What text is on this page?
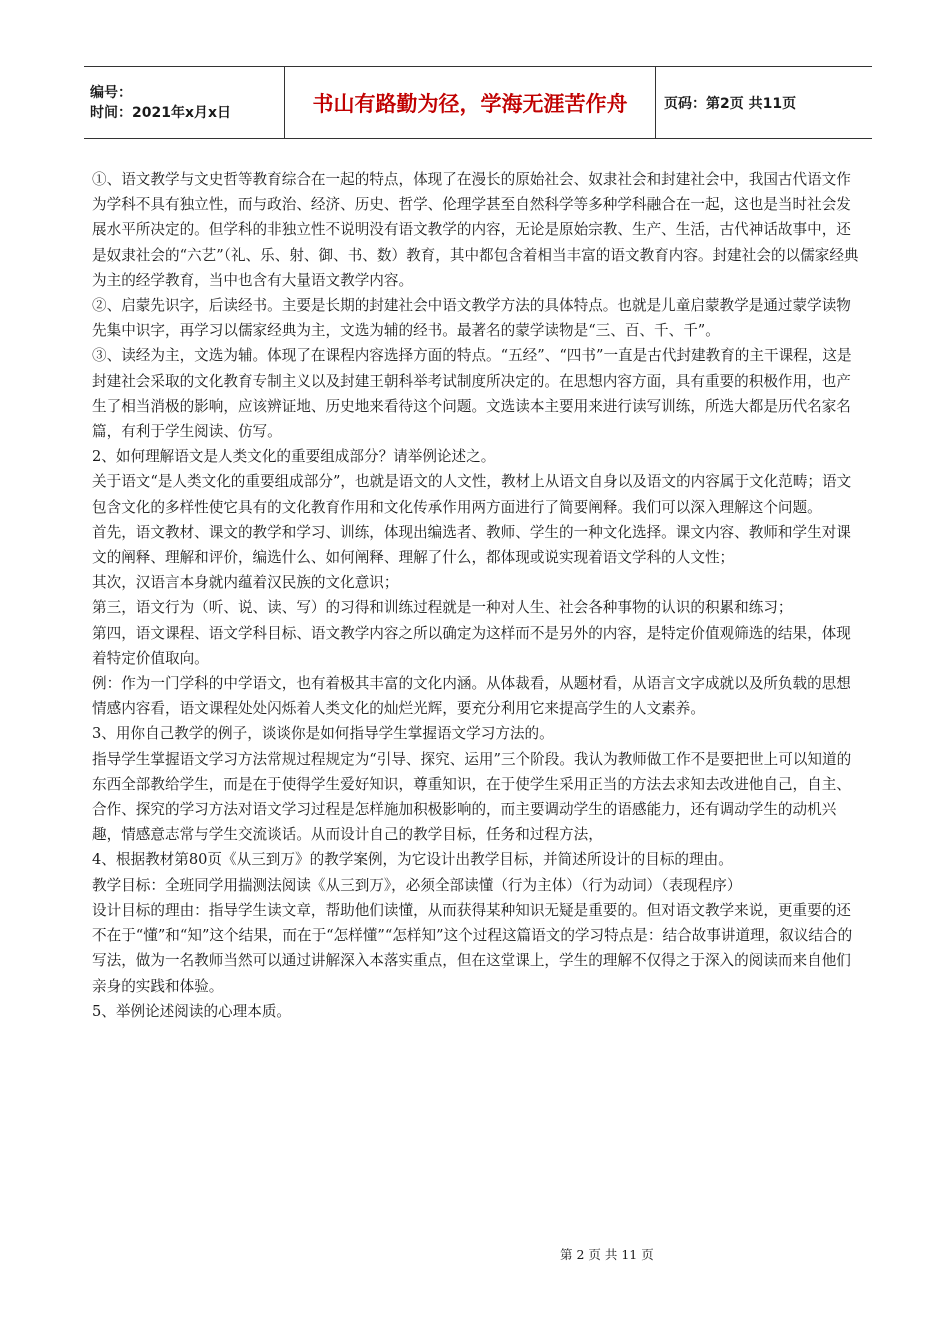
编号：
时间：2021年x月x日	书山有路勤为径，学海无涯苦作舟	页码：第2页 共11页

①、语文教学与文史哲等教育综合在一起的特点，体现了在漫长的原始社会、奴隶社会和封建社会中，我国古代语文作为学科不具有独立性，而与政治、经济、历史、哲学、伦理学甚至自然科学等多种学科融合在一起，这也是当时社会发展水平所决定的。但学科的非独立性不说明没有语文教学的内容，无论是原始宗教、生产、生活，古代神话故事中，还是奴隶社会的“六艺”（礼、乐、射、御、书、数）教育，其中都包含着相当丰富的语文教育内容。封建社会的以儒家经典为主的经学教育，当中也含有大量语文教学内容。

②、启蒙先识字，后读经书。主要是长期的封建社会中语文教学方法的具体特点。也就是儿童启蒙教学是通过蒙学读物先集中识字，再学习以儒家经典为主，文选为辅的经书。最著名的蒙学读物是“三、百、千、千”。

③、读经为主，文选为辅。体现了在课程内容选择方面的特点。“五经”、“四书”一直是古代封建教育的主干课程，这是封建社会采取的文化教育专制主义以及封建王朝科举考试制度所决定的。在思想内容方面，具有重要的积极作用，也产生了相当消极的影响，应该辨证地、历史地来看待这个问题。文选读本主要用来进行读写训练，所选大都是历代名家名篇，有利于学生阅读、仿写。

2、如何理解语文是人类文化的重要组成部分？请举例论述之。

关于语文“是人类文化的重要组成部分”，也就是语文的人文性，教材上从语文自身以及语文的内容属于文化范畴；语文包含文化的多样性使它具有的文化教育作用和文化传承作用两方面进行了简要阐释。我们可以深入理解这个问题。

首先，语文教材、课文的教学和学习、训练，体现出编选者、教师、学生的一种文化选择。课文内容、教师和学生对课文的阐释、理解和评价，编选什么、如何阐释、理解了什么，都体现或说实现着语文学科的人文性；

其次，汉语言本身就内蕴着汉民族的文化意识；

第三，语文行为（听、说、读、写）的习得和训练过程就是一种对人生、社会各种事物的认识的积累和练习；

第四，语文课程、语文学科目标、语文教学内容之所以确定为这样而不是另外的内容，是特定价值观筛选的结果，体现着特定价值取向。

例：作为一门学科的中学语文，也有着极其丰富的文化内涵。从体裁看，从题材看，从语言文字成就以及所负载的思想情感内容看，语文课程处处闪烁着人类文化的灿烂光辉，要充分利用它来提高学生的人文素养。

3、用你自己教学的例子，谈谈你是如何指导学生掌握语文学习方法的。

指导学生掌握语文学习方法常规过程规定为“引导、探究、运用”三个阶段。我认为教师做工作不是要把世上可以知道的东西全部教给学生，而是在于使得学生爱好知识，尊重知识，在于使学生采用正当的方法去求知去改进他自己，自主、合作、探究的学习方法对语文学习过程是怎样施加积极影响的，而主要调动学生的语感能力，还有调动学生的动机兴趣，情感意志常与学生交流谈话。从而设计自己的教学目标，任务和过程方法，

4、根据教材第80页《从三到万》的教学案例，为它设计出教学目标，并简述所设计的目标的理由。

教学目标：全班同学用揣测法阅读《从三到万》，必须全部读懂（行为主体）（行为动词）（表现程序）

设计目标的理由：指导学生读文章，帮助他们读懂，从而获得某种知识无疑是重要的。但对语文教学来说，更重要的还不在于“懂”和“知”这个结果，而在于“怎样懂”“怎样知”这个过程这篇语文的学习特点是：结合故事讲道理，叙议结合的写法，做为一名教师当然可以通过讲解深入本落实重点，但在这堂课上，学生的理解不仅得之于深入的阅读而来自他们亲身的实践和体验。

5、举例论述阅读的心理本质。

第 2 页 共 11 页
